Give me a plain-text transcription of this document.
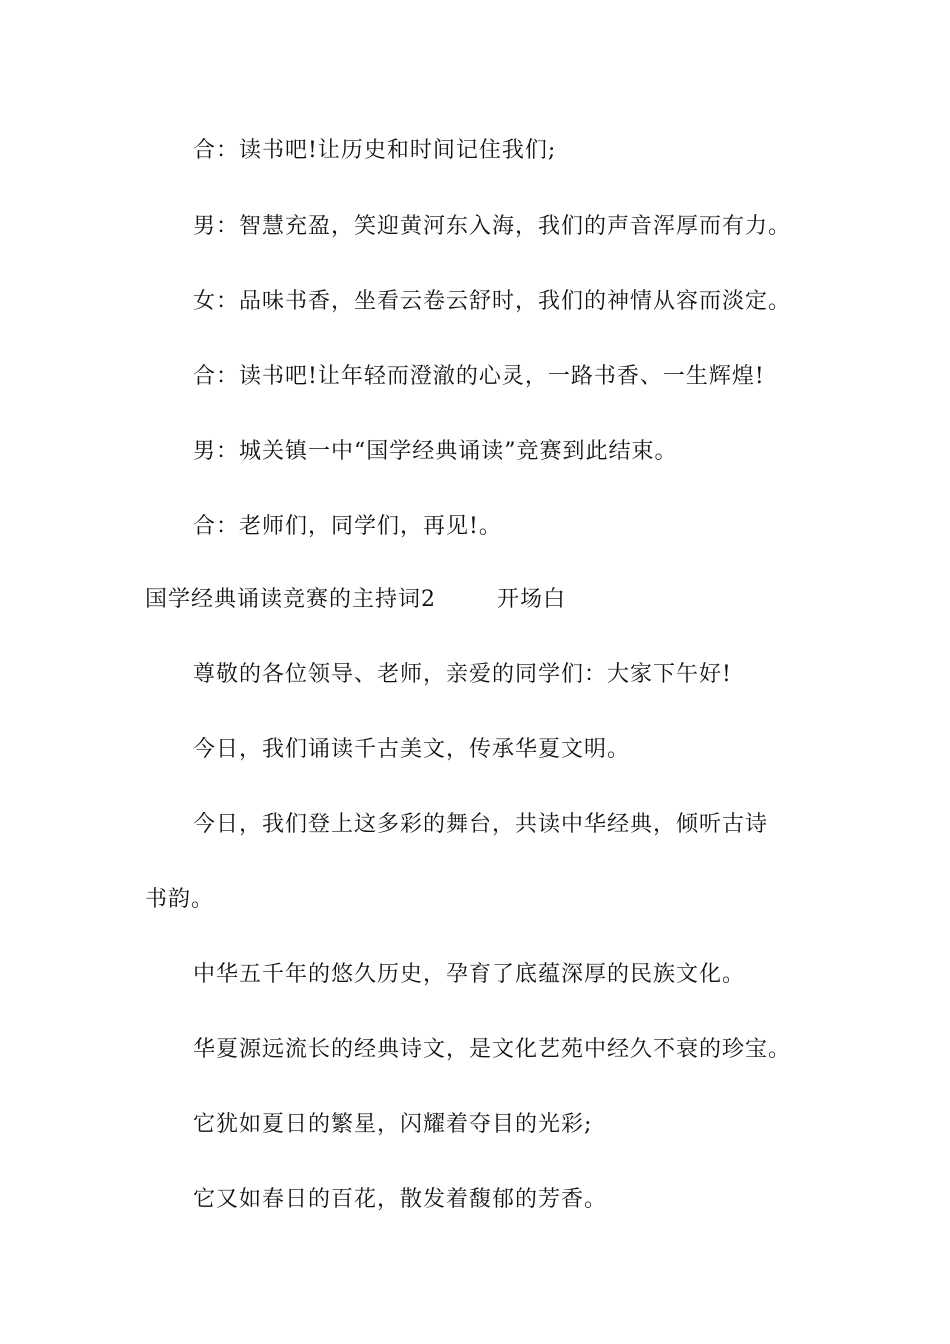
合：读书吧!让历史和时间记住我们;
男：智慧充盈，笑迎黄河东入海，我们的声音浑厚而有力。
女：品味书香，坐看云卷云舒时，我们的神情从容而淡定。
合：读书吧!让年轻而澄澈的心灵，一路书香、一生辉煌!
男：城关镇一中“国学经典诵读”竞赛到此结束。
合：老师们，同学们，再见!。
国学经典诵读竞赛的主持词2	开场白
尊敬的各位领导、老师，亲爱的同学们：大家下午好!
今日，我们诵读千古美文，传承华夏文明。
今日，我们登上这多彩的舞台，共读中华经典，倾听古诗
书韵。
中华五千年的悠久历史，孕育了底蕴深厚的民族文化。
华夏源远流长的经典诗文，是文化艺苑中经久不衰的珍宝。
它犹如夏日的繁星，闪耀着夺目的光彩;
它又如春日的百花，散发着馥郁的芳香。
